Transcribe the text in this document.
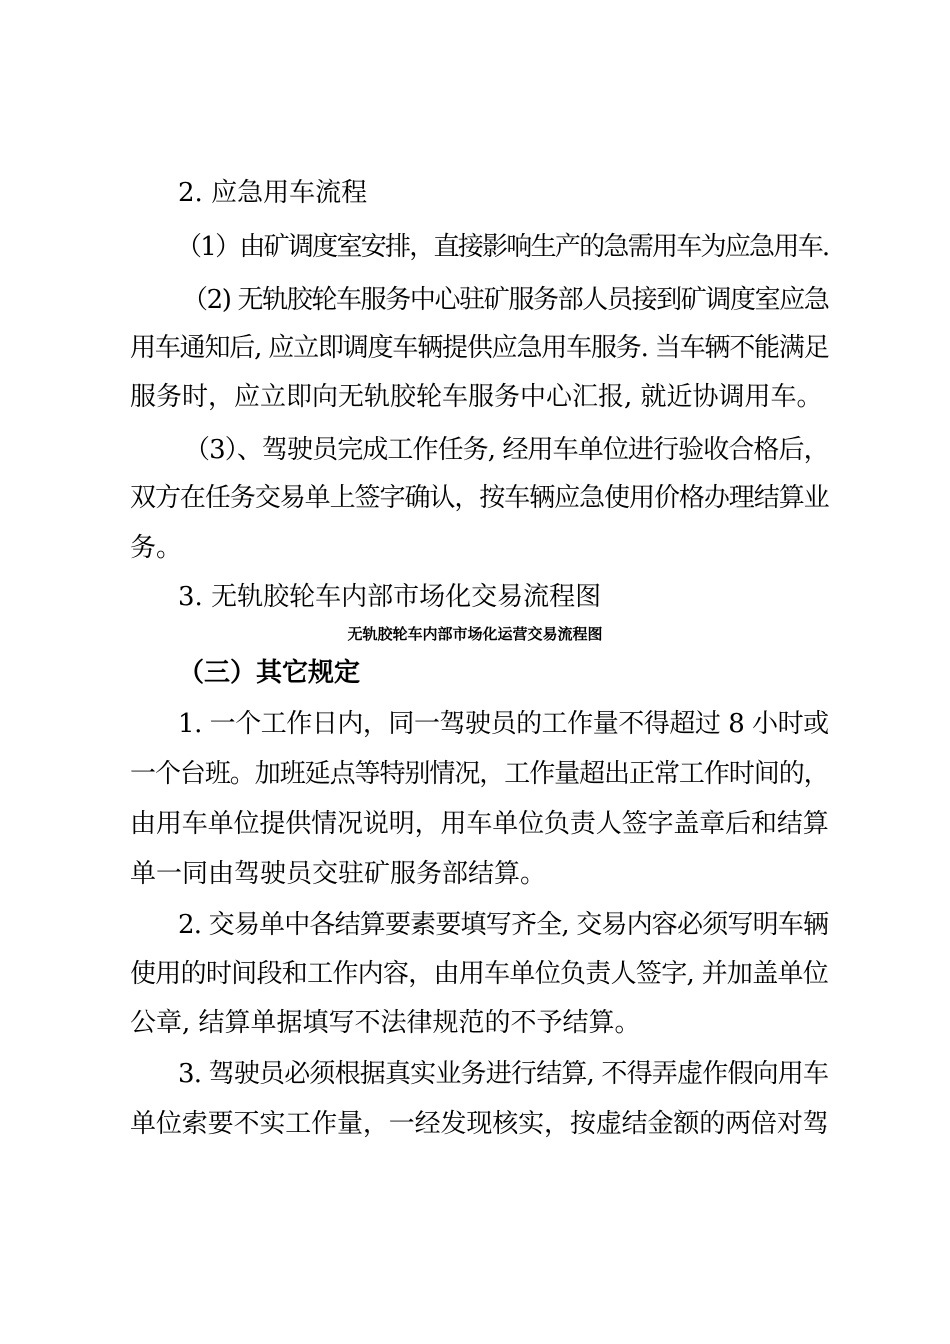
2. 应急用车流程
（1）由矿调度室安排，直接影响生产的急需用车为应急用车.
（2) 无轨胶轮车服务中心驻矿服务部人员接到矿调度室应急
用车通知后, 应立即调度车辆提供应急用车服务. 当车辆不能满足
服务时，应立即向无轨胶轮车服务中心汇报, 就近协调用车。
（3）、驾驶员完成工作任务, 经用车单位进行验收合格后，
双方在任务交易单上签字确认，按车辆应急使用价格办理结算业
务。
3. 无轨胶轮车内部市场化交易流程图
无轨胶轮车内部市场化运营交易流程图
（三）其它规定
1. 一个工作日内，同一驾驶员的工作量不得超过 8 小时或
一个台班。加班延点等特别情况，工作量超出正常工作时间的，
由用车单位提供情况说明，用车单位负责人签字盖章后和结算
单一同由驾驶员交驻矿服务部结算。
2. 交易单中各结算要素要填写齐全, 交易内容必须写明车辆
使用的时间段和工作内容，由用车单位负责人签字, 并加盖单位
公章, 结算单据填写不法律规范的不予结算。
3. 驾驶员必须根据真实业务进行结算, 不得弄虚作假向用车
单位索要不实工作量，一经发现核实，按虚结金额的两倍对驾
